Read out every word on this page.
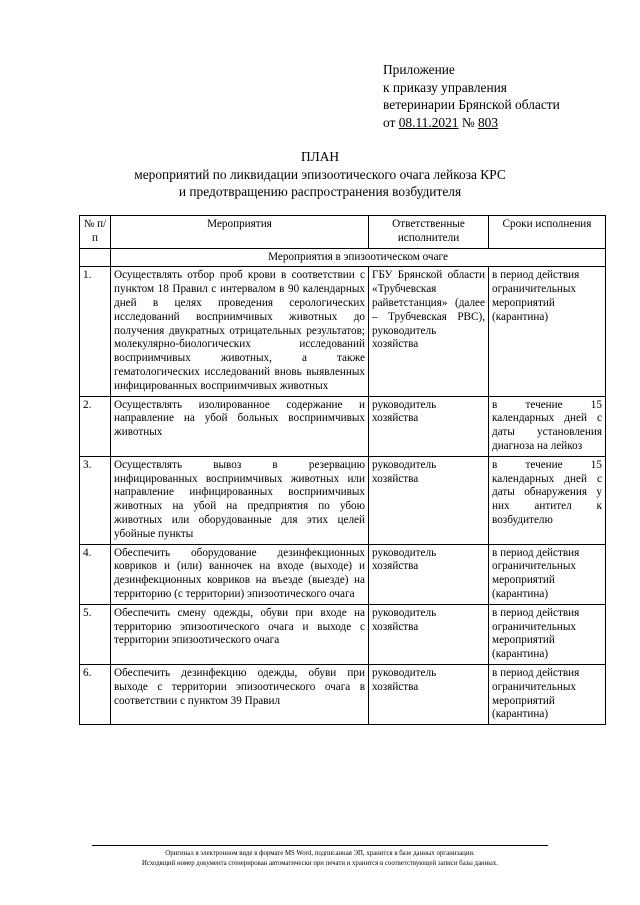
Приложение
к приказу управления
ветеринарии Брянской области
от 08.11.2021 № 803
ПЛАН
мероприятий по ликвидации эпизоотического очага лейкоза КРС
и предотвращению распространения возбудителя
№ п/п	Мероприятия	Ответственные исполнители	Сроки исполнения
	Мероприятия в эпизоотическом очаге		
1.	Осуществлять отбор проб крови в соответствии с пунктом 18 Правил с интервалом в 90 календарных дней в целях проведения серологических исследований восприимчивых животных до получения двукратных отрицательных результатов; молекулярно-биологических исследований восприимчивых животных, а также гематологических исследований вновь выявленных инфицированных восприимчивых животных	ГБУ Брянской области «Трубчевская райветстанция» (далее – Трубчевская РВС), руководитель хозяйства	в период действия ограничительных мероприятий (карантина)
2.	Осуществлять изолированное содержание и направление на убой больных восприимчивых животных	руководитель хозяйства	в течение 15 календарных дней с даты установления диагноза на лейкоз
3.	Осуществлять вывоз в резервацию инфицированных восприимчивых животных или направление инфицированных восприимчивых животных на убой на предприятия по убою животных или оборудованные для этих целей убойные пункты	руководитель хозяйства	в течение 15 календарных дней с даты обнаружения у них антител к возбудителю
4.	Обеспечить оборудование дезинфекционных ковриков и (или) ванночек на входе (выходе) и дезинфекционных ковриков на въезде (выезде) на территорию (с территории) эпизоотического очага	руководитель хозяйства	в период действия ограничительных мероприятий (карантина)
5.	Обеспечить смену одежды, обуви при входе на территорию эпизоотического очага и выходе с территории эпизоотического очага	руководитель хозяйства	в период действия ограничительных мероприятий (карантина)
6.	Обеспечить дезинфекцию одежды, обуви при выходе с территории эпизоотического очага в соответствии с пунктом 39 Правил	руководитель хозяйства	в период действия ограничительных мероприятий (карантина)
Оригинал в электронном виде в формате MS Word, подписанная ЭП, хранится в базе данных организации.
Исходящий номер документа сгенерирован автоматически при печати и хранится в соответствующей записи базы данных.
